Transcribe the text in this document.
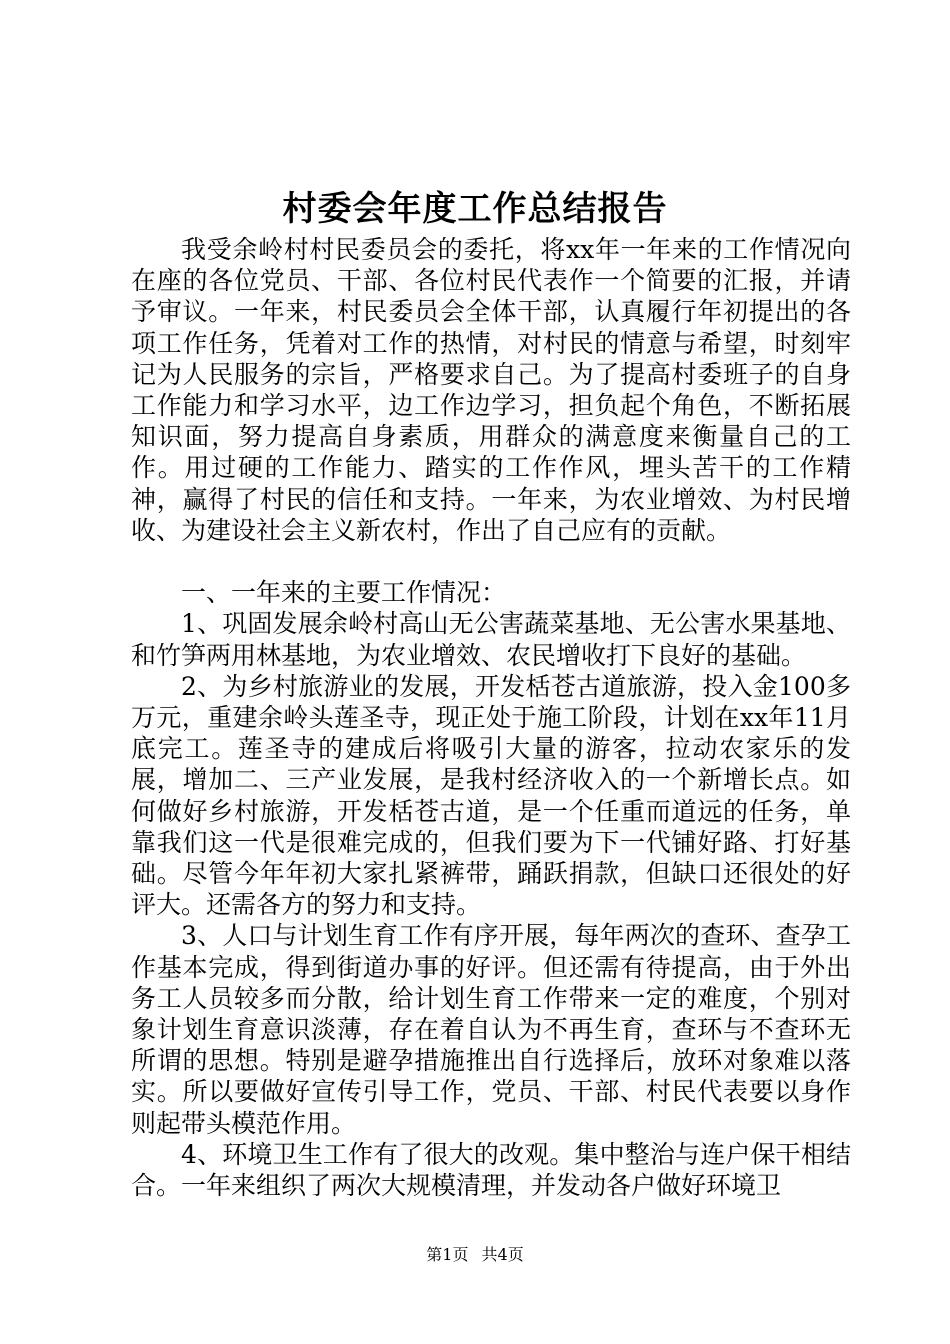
村委会年度工作总结报告

我受余岭村村民委员会的委托，将xx年一年来的工作情况向在座的各位党员、干部、各位村民代表作一个简要的汇报，并请予审议。一年来，村民委员会全体干部，认真履行年初提出的各项工作任务，凭着对工作的热情，对村民的情意与希望，时刻牢记为人民服务的宗旨，严格要求自己。为了提高村委班子的自身工作能力和学习水平，边工作边学习，担负起个角色，不断拓展知识面，努力提高自身素质，用群众的满意度来衡量自己的工作。用过硬的工作能力、踏实的工作作风，埋头苦干的工作精神，赢得了村民的信任和支持。一年来，为农业增效、为村民增收、为建设社会主义新农村，作出了自己应有的贡献。

一、一年来的主要工作情况：

1、巩固发展余岭村高山无公害蔬菜基地、无公害水果基地、和竹笋两用林基地，为农业增效、农民增收打下良好的基础。

2、为乡村旅游业的发展，开发栝苍古道旅游，投入金100多万元，重建余岭头莲圣寺，现正处于施工阶段，计划在xx年11月底完工。莲圣寺的建成后将吸引大量的游客，拉动农家乐的发展，增加二、三产业发展，是我村经济收入的一个新增长点。如何做好乡村旅游，开发栝苍古道，是一个任重而道远的任务，单靠我们这一代是很难完成的，但我们要为下一代铺好路、打好基础。尽管今年年初大家扎紧裤带，踊跃捐款，但缺口还很处的好评大。还需各方的努力和支持。

3、人口与计划生育工作有序开展，每年两次的查环、查孕工作基本完成，得到街道办事的好评。但还需有待提高，由于外出务工人员较多而分散，给计划生育工作带来一定的难度，个别对象计划生育意识淡薄，存在着自认为不再生育，查环与不查环无所谓的思想。特别是避孕措施推出自行选择后，放环对象难以落实。所以要做好宣传引导工作，党员、干部、村民代表要以身作则起带头模范作用。

4、环境卫生工作有了很大的改观。集中整治与连户保干相结合。一年来组织了两次大规模清理，并发动各户做好环境卫

第1页 共4页
